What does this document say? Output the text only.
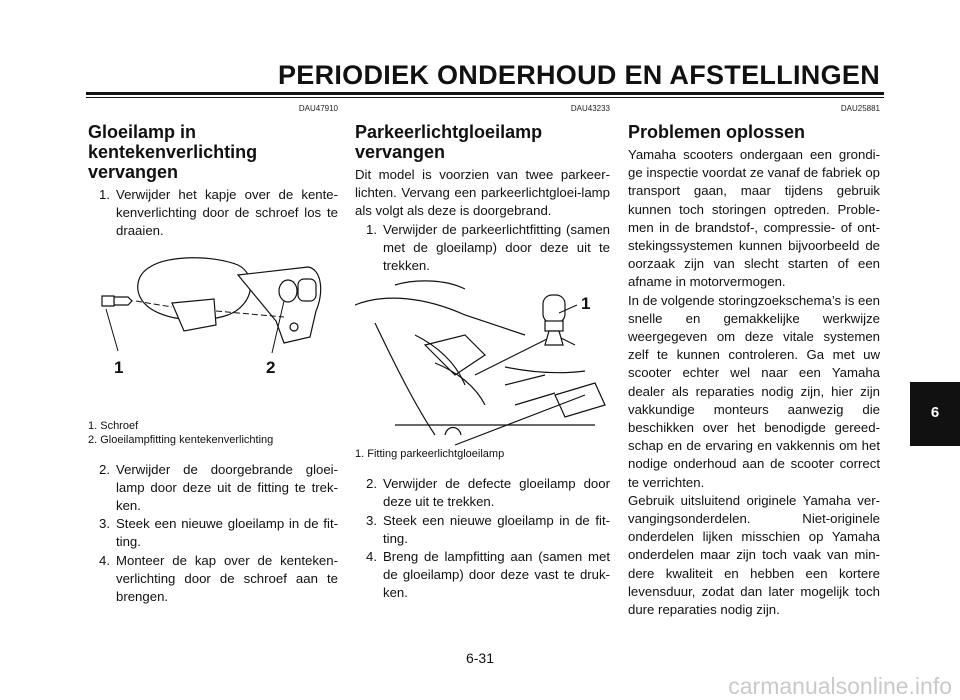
PERIODIEK ONDERHOUD EN AFSTELLINGEN
DAU47910
Gloeilamp in kentekenverlichting vervangen
1. Verwijder het kapje over de kente-kenverlichting door de schroef los te draaien.
1	2
1. Schroef
2. Gloeilampfitting kentekenverlichting
2. Verwijder de doorgebrande gloei-lamp door deze uit de fitting te trek-ken.
3. Steek een nieuwe gloeilamp in de fit-ting.
4. Monteer de kap over de kenteken-verlichting door de schroef aan te brengen.
DAU43233
Parkeerlichtgloeilamp vervangen

Dit model is voorzien van twee parkeer-lichten. Vervang een parkeerlichtgloei-lamp als volgt als deze is doorgebrand.

1. Verwijder de parkeerlichtfitting (samen met de gloeilamp) door deze uit te trekken.
1
1. Fitting parkeerlichtgloeilamp
2. Verwijder de defecte gloeilamp door deze uit te trekken.
3. Steek een nieuwe gloeilamp in de fit-ting.
4. Breng de lampfitting aan (samen met de gloeilamp) door deze vast te druk-ken.
DAU25881
Problemen oplossen

Yamaha scooters ondergaan een grondi-ge inspectie voordat ze vanaf de fabriek op transport gaan, maar tijdens gebruik kunnen toch storingen optreden. Proble-men in de brandstof-, compressie- of ont-stekingssystemen kunnen bijvoorbeeld de oorzaak zijn van slecht starten of een afname in motorvermogen.

In de volgende storingzoekschema’s is een snelle en gemakkelijke werkwijze weergegeven om deze vitale systemen zelf te kunnen controleren. Ga met uw scooter echter wel naar een Yamaha dealer als reparaties nodig zijn, hier zijn vakkundige monteurs aanwezig die beschikken over het benodigde gereed-schap en de ervaring en vakkennis om het nodige onderhoud aan de scooter correct te verrichten.

Gebruik uitsluitend originele Yamaha ver-vangingsonderdelen. Niet-originele onderdelen lijken misschien op Yamaha onderdelen maar zijn toch vaak van min-dere kwaliteit en hebben een kortere levensduur, zodat dan later mogelijk toch dure reparaties nodig zijn.

6
6-31
carmanualsonline.info
